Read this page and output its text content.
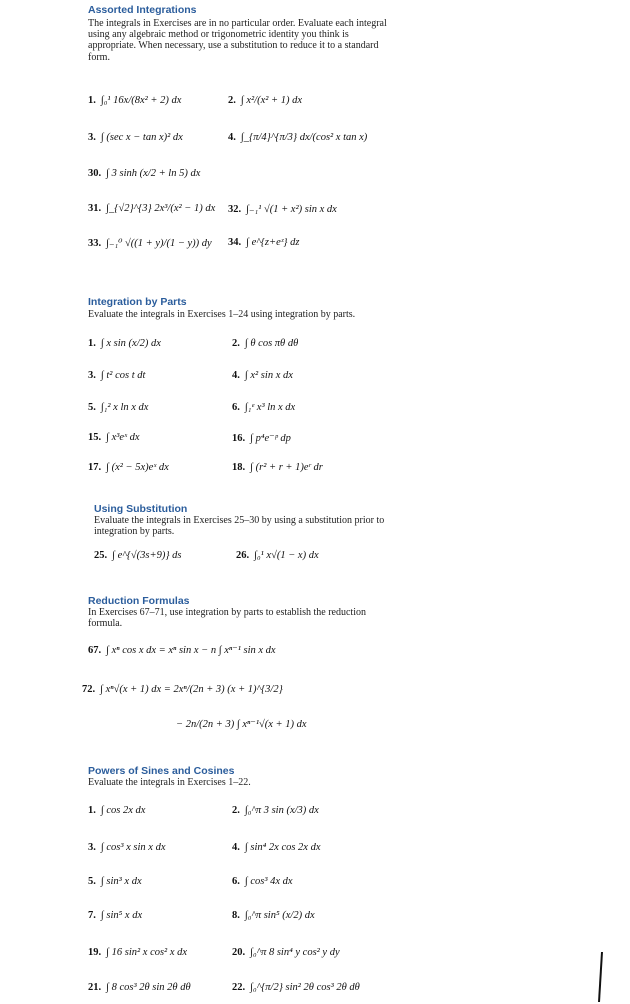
Assorted Integrations
The integrals in Exercises are in no particular order. Evaluate each integral using any algebraic method or trigonometric identity you think is appropriate. When necessary, use a substitution to reduce it to a standard form.
1. ∫₀¹ 16x/(8x² + 2) dx	2. ∫ x²/(x² + 1) dx
3. ∫ (sec x − tan x)² dx	4. ∫_{π/4}^{π/3} dx/(cos² x tan x)
30. ∫ 3 sinh (x/2 + ln 5) dx
31. ∫_{√2}^{3} 2x³/(x² − 1) dx 32. ∫₋₁¹ √(1 + x²) sin x dx
33. ∫₋₁⁰ √((1 + y)/(1 − y)) dy 34. ∫ e^{z+eᶻ} dz
Integration by Parts
Evaluate the integrals in Exercises 1–24 using integration by parts.
1. ∫ x sin (x/2) dx	2. ∫ θ cos πθ dθ
3. ∫ t² cos t dt	4. ∫ x² sin x dx
5. ∫₁² x ln x dx	6. ∫₁ᵉ x³ ln x dx
15. ∫ x³eˣ dx	16. ∫ p⁴e⁻ᵖ dp
17. ∫ (x² − 5x)eˣ dx	18. ∫ (r² + r + 1)eʳ dr
Using Substitution
Evaluate the integrals in Exercises 25–30 by using a substitution prior to integration by parts.
25. ∫ e^{√(3s+9)} ds	26. ∫₀¹ x√(1 − x) dx
Reduction Formulas
In Exercises 67–71, use integration by parts to establish the reduction formula.
67. ∫ xⁿ cos x dx = xⁿ sin x − n ∫ xⁿ⁻¹ sin x dx
72. ∫ xⁿ√(x + 1) dx = 2xⁿ/(2n + 3) (x + 1)^{3/2}
− 2n/(2n + 3) ∫ xⁿ⁻¹√(x + 1) dx
Powers of Sines and Cosines
Evaluate the integrals in Exercises 1–22.
1. ∫ cos 2x dx	2. ∫₀^π 3 sin (x/3) dx
3. ∫ cos³ x sin x dx	4. ∫ sin⁴ 2x cos 2x dx
5. ∫ sin³ x dx	6. ∫ cos³ 4x dx
7. ∫ sin⁵ x dx	8. ∫₀^π sin⁵ (x/2) dx
19. ∫ 16 sin² x cos² x dx	20. ∫₀^π 8 sin⁴ y cos² y dy
21. ∫ 8 cos³ 2θ sin 2θ dθ	22. ∫₀^{π/2} sin² 2θ cos³ 2θ dθ
